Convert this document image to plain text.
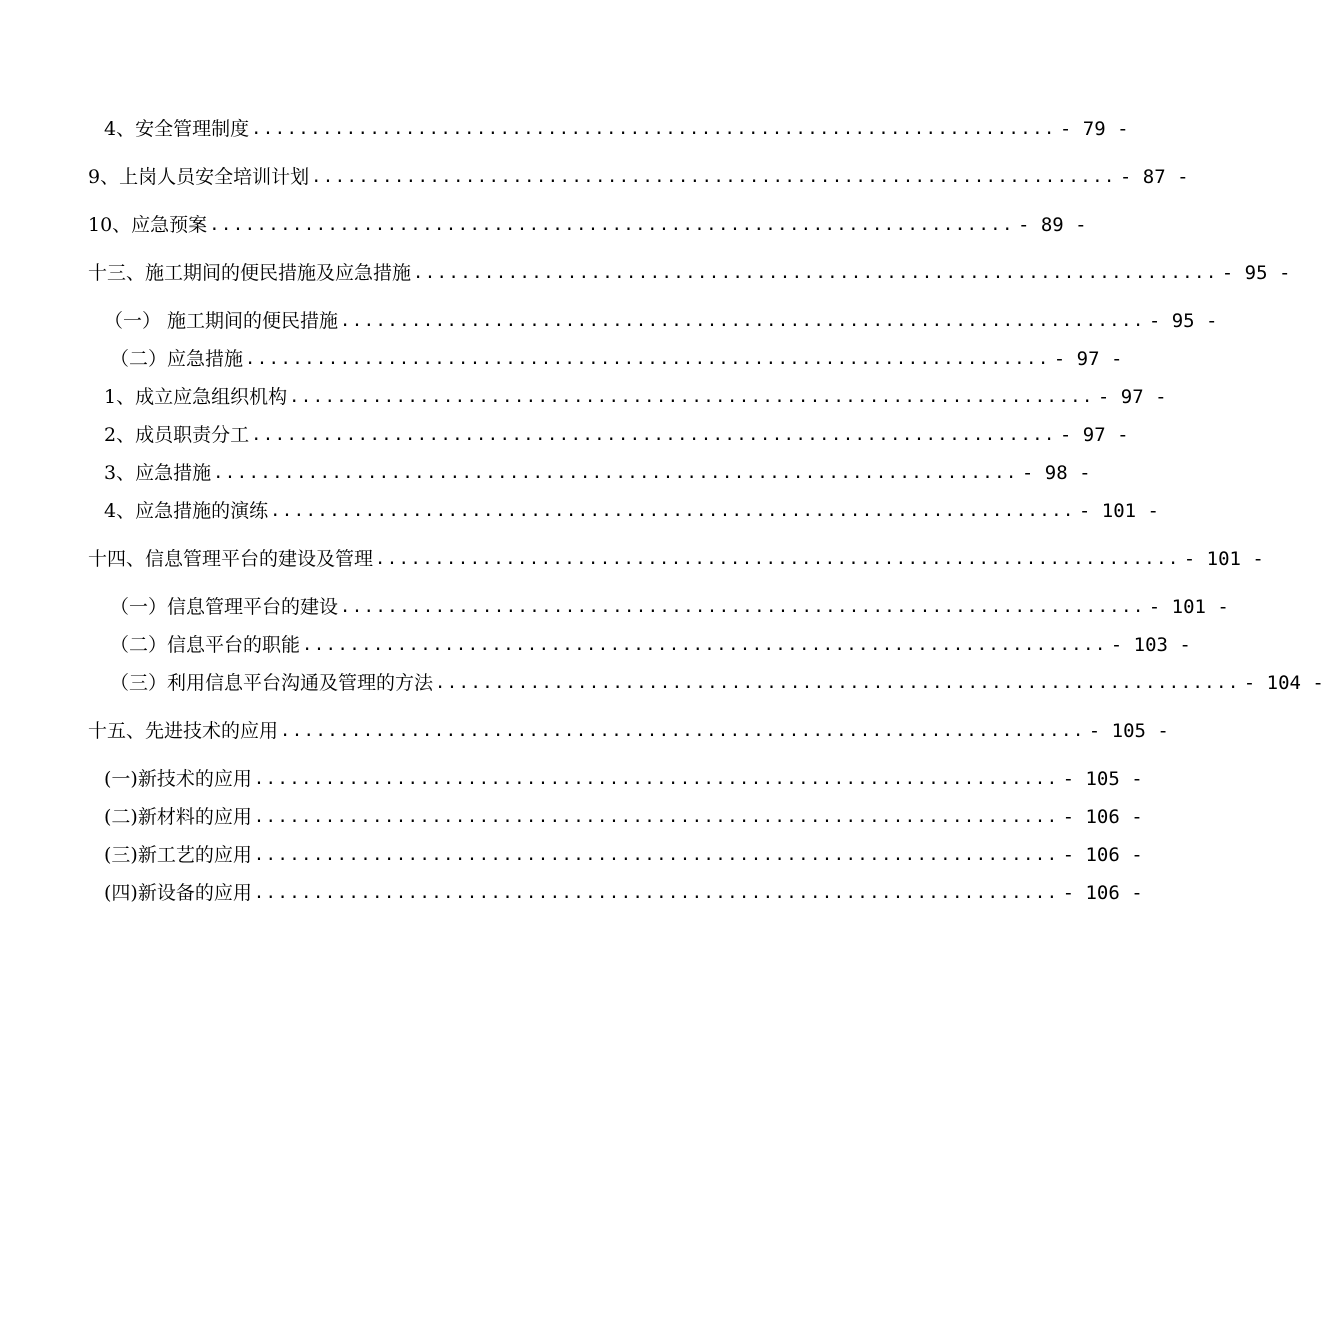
4、安全管理制度 .................................................................... - 79 -
9、上岗人员安全培训计划 .................................................................... - 87 -
10、应急预案 .................................................................... - 89 -
十三、施工期间的便民措施及应急措施 .................................................................... - 95 -
（一） 施工期间的便民措施 .................................................................... - 95 -
（二）应急措施 .................................................................... - 97 -
1、成立应急组织机构 .................................................................... - 97 -
2、成员职责分工 .................................................................... - 97 -
3、应急措施 .................................................................... - 98 -
4、应急措施的演练 .................................................................... - 101 -
十四、信息管理平台的建设及管理 .................................................................... - 101 -
（一）信息管理平台的建设 .................................................................... - 101 -
（二）信息平台的职能 .................................................................... - 103 -
（三）利用信息平台沟通及管理的方法 .................................................................... - 104 -
十五、先进技术的应用 .................................................................... - 105 -
(一)新技术的应用 .................................................................... - 105 -
(二)新材料的应用 .................................................................... - 106 -
(三)新工艺的应用 .................................................................... - 106 -
(四)新设备的应用 .................................................................... - 106 -
